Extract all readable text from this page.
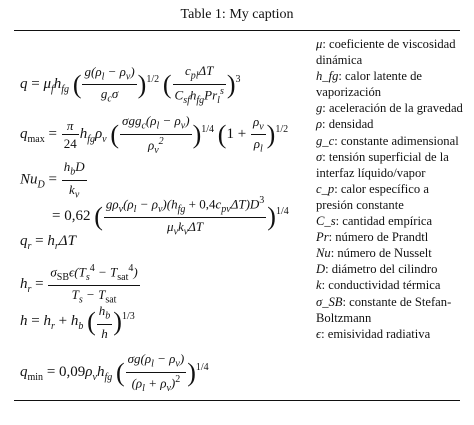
Table 1: My caption
$q = \mu_fh_{fg}$ ( $\frac{g(\rho_l - \rho_v)}{g_c\sigma} )^{1/2}$ ( $\frac{c_{pl}\Delta T}{C_{sf}h_{fg}Pr_l^s} )^3$
$q_{max} = \frac{\pi}{24} h_{fg}\rho_v$ ( $\frac{\sigma gg_c(\rho_l - \rho_v)}{\rho_v^2} )^{1/4}$ $(1 + \frac{\rho_v}{\rho_l} )^{1/2}$
$Nu_D = \frac{h_bD}{k_v}$
= 0,62 ( $\frac{g\rho_v(\rho_l - \rho_v)(h_{fg} + 0,4c_{pv}\Delta T)D^3}{\mu_vk_v\Delta T} )^{1/4}$
$q_r = h_r\Delta T$
$h_r = \frac{\sigma_{SB}\epsilon(T_s^4 - T_{sat}^4)}{T_s - T_{sat}}$
$h = h_r + h_b$ ( $\frac{h_b}{h} )^{1/3}$
$q_{min} = 0,09\rho_vh_{fg}$ ( $\frac{\sigma g(\rho_l - \rho_v)}{(\rho_l + \rho_v)^2} )^{1/4}$

μ: coeficiente de viscosidad dinámica

h_fg: calor latente de vaporización

g: aceleración de la gravedad

ρ: densidad

g_c: constante adimensional

σ: tensión superficial de la interfaz líquido/vapor

c_p: calor específico a presión constante

C_s: cantidad empírica

Pr: número de Prandtl

Nu: número de Nusselt

D: diámetro del cilindro

k: conductividad térmica

σ_SB: constante de Stefan-Boltzmann

ϵ: emisividad radiativa
